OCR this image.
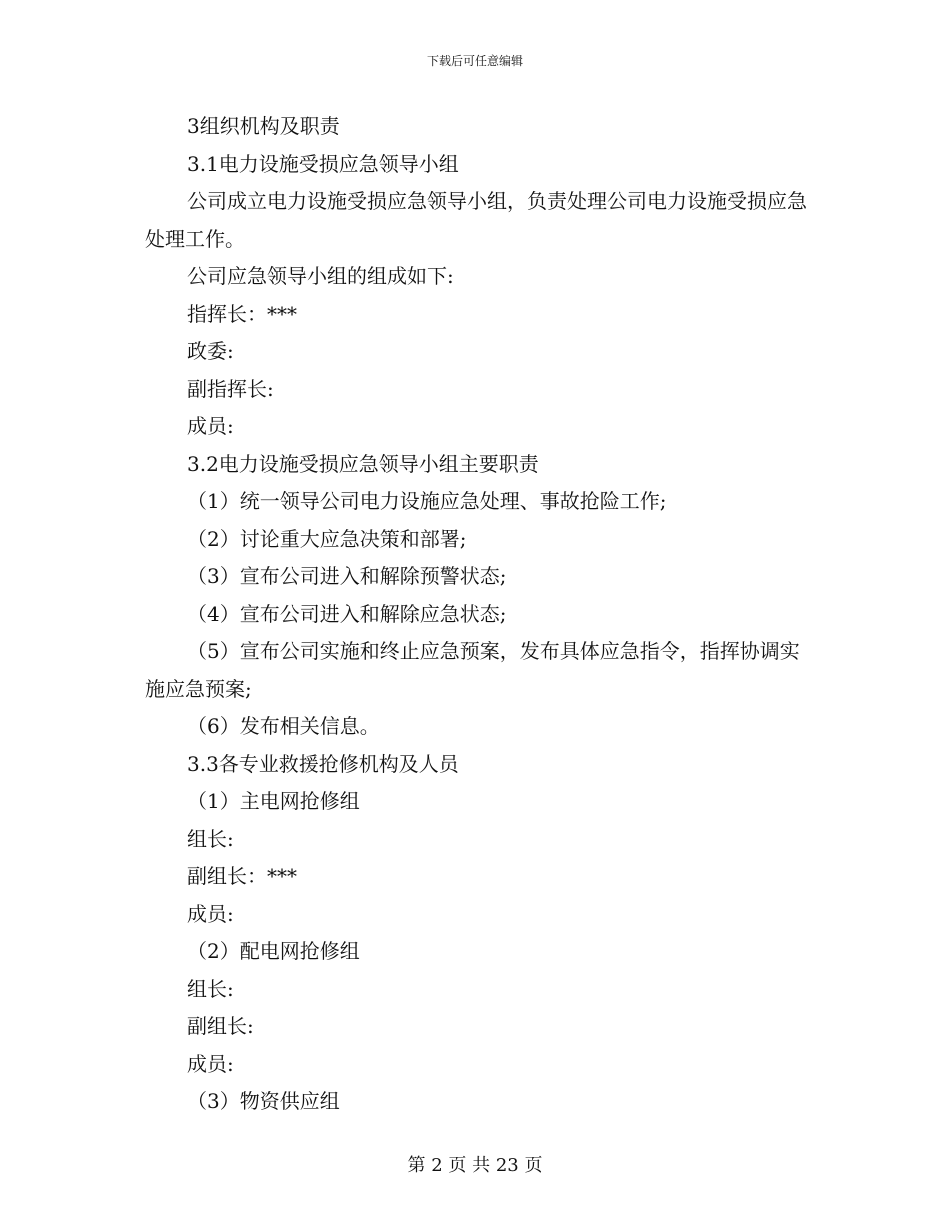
下载后可任意编辑

3组织机构及职责

3.1电力设施受损应急领导小组

公司成立电力设施受损应急领导小组，负责处理公司电力设施受损应急处理工作。

公司应急领导小组的组成如下:

指挥长：***

政委:

副指挥长:

成员:

3.2电力设施受损应急领导小组主要职责

（1）统一领导公司电力设施应急处理、事故抢险工作;

（2）讨论重大应急决策和部署;

（3）宣布公司进入和解除预警状态;

（4）宣布公司进入和解除应急状态;

（5）宣布公司实施和终止应急预案，发布具体应急指令，指挥协调实施应急预案;

（6）发布相关信息。

3.3各专业救援抢修机构及人员

（1）主电网抢修组

组长:

副组长：***

成员:

（2）配电网抢修组

组长:

副组长:

成员:

（3）物资供应组

第 2 页 共 23 页
